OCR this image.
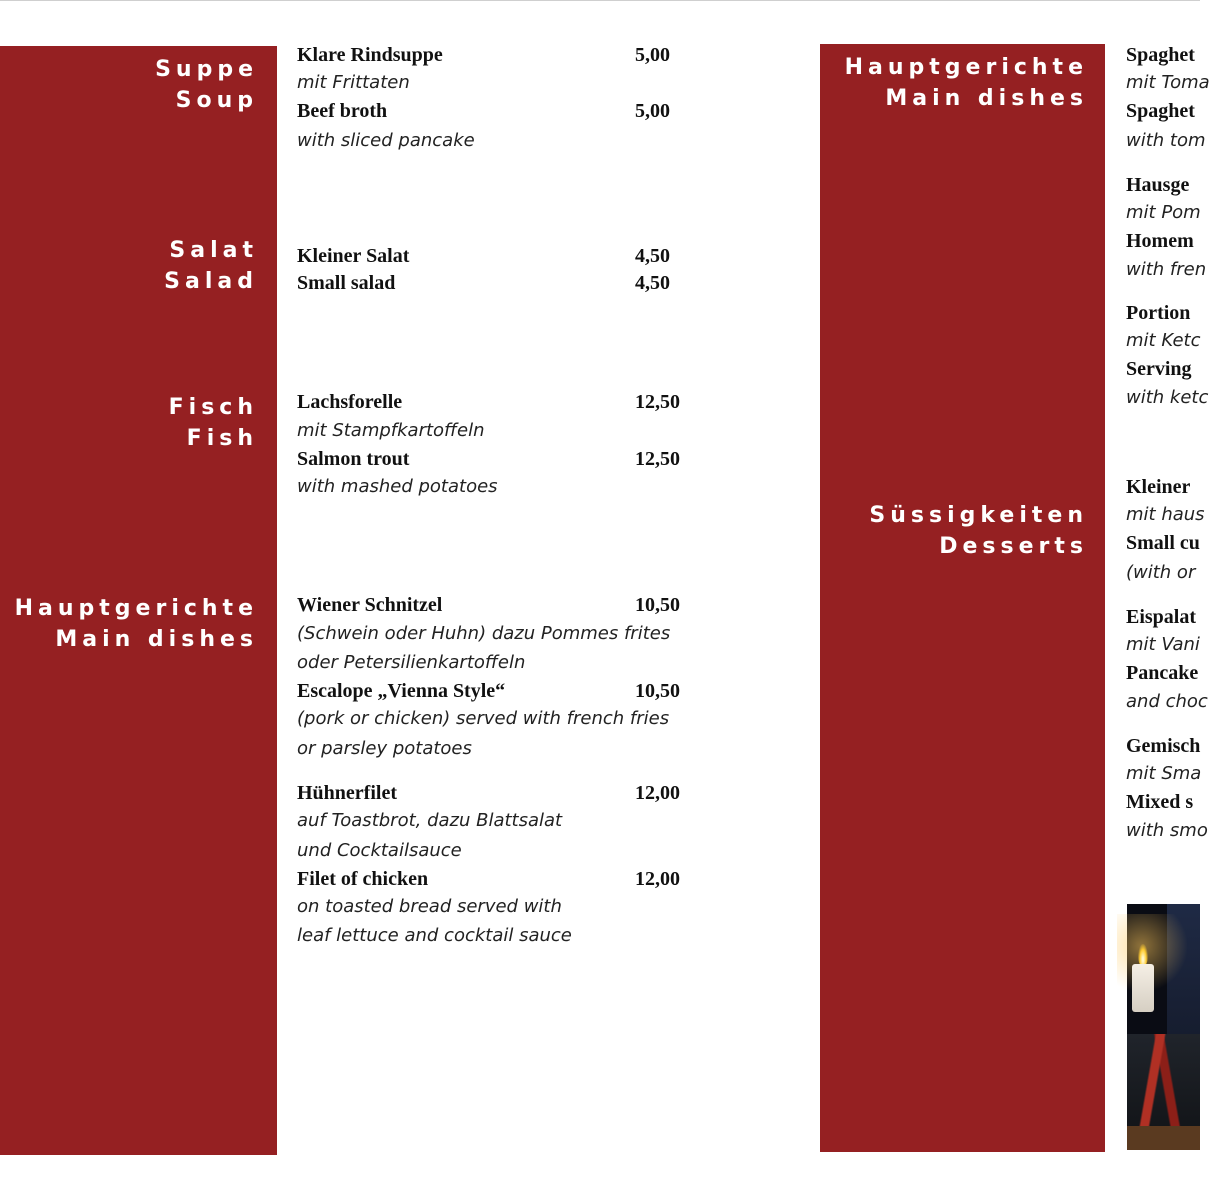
Suppe
Soup
Salat
Salad
Fisch
Fish
Hauptgerichte
Main dishes
Klare Rindsuppe	5,00
mit Frittaten
Beef broth	5,00
with sliced pancake
Kleiner Salat	4,50
Small salad	4,50
Lachsforelle	12,50
mit Stampfkartoffeln
Salmon trout	12,50
with mashed potatoes
Wiener Schnitzel	10,50
(Schwein oder Huhn) dazu Pommes frites
oder Petersilienkartoffeln
Escalope „Vienna Style“	10,50
(pork or chicken) served with french fries
or parsley potatoes
Hühnerfilet	12,00
auf Toastbrot, dazu Blattsalat
und Cocktailsauce
Filet of chicken	12,00
on toasted bread served with
leaf lettuce and cocktail sauce
Hauptgerichte
Main dishes
Süssigkeiten
Desserts
Spaghet
mit Toma
Spaghet
with tom
Hausge
mit Pom
Homem
with fren
Portion
mit Ketc
Serving
with ketc
Kleiner
mit haus
Small cu
(with or
Eispalat
mit Vani
Pancake
and choc
Gemisch
mit Sma
Mixed s
with smo
